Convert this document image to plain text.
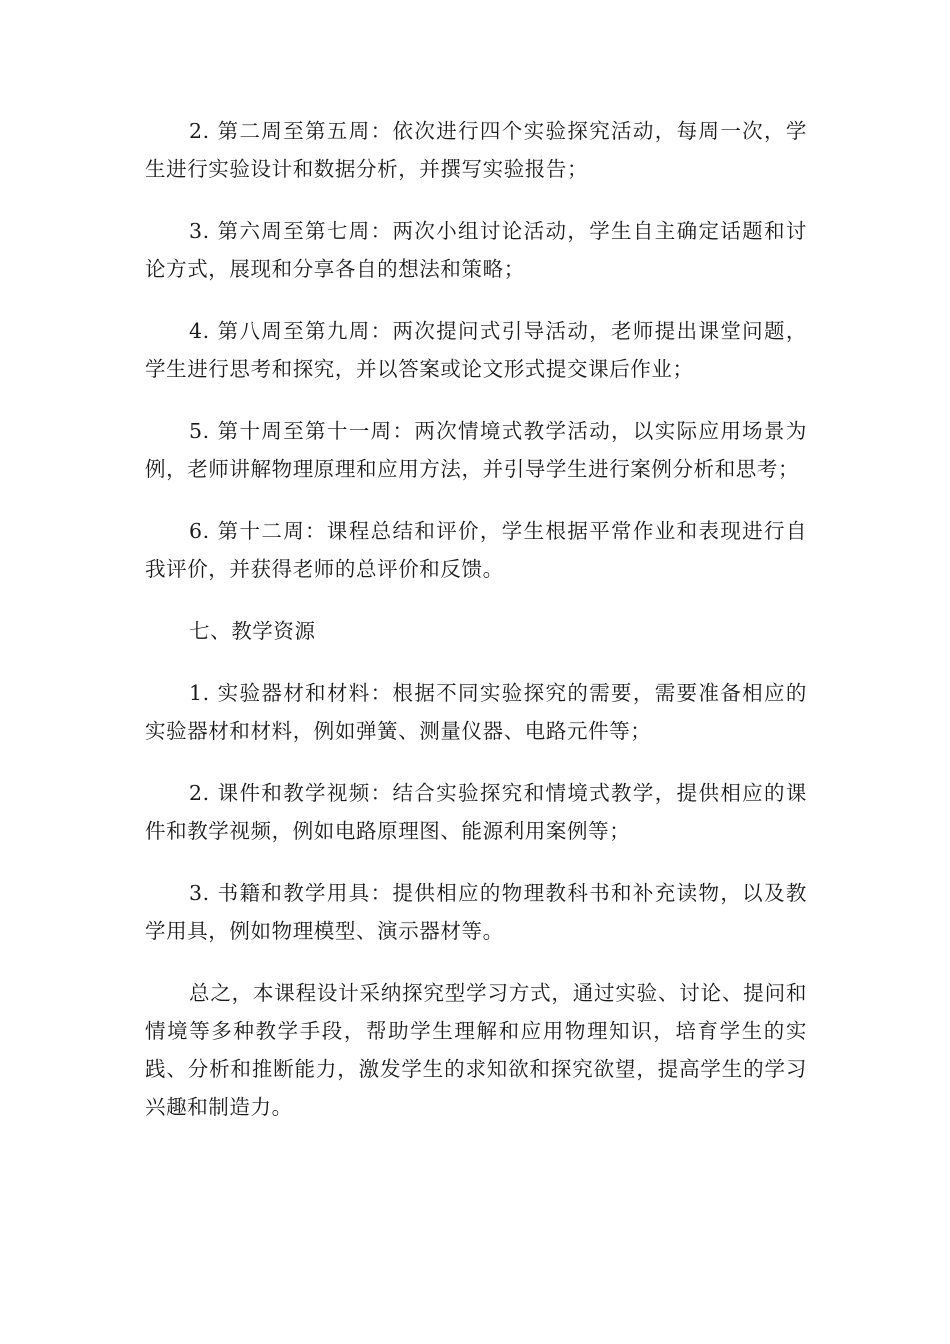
2. 第二周至第五周：依次进行四个实验探究活动，每周一次，学生进行实验设计和数据分析，并撰写实验报告；

3. 第六周至第七周：两次小组讨论活动，学生自主确定话题和讨论方式，展现和分享各自的想法和策略；

4. 第八周至第九周：两次提问式引导活动，老师提出课堂问题，学生进行思考和探究，并以答案或论文形式提交课后作业；

5. 第十周至第十一周：两次情境式教学活动，以实际应用场景为例，老师讲解物理原理和应用方法，并引导学生进行案例分析和思考；

6. 第十二周：课程总结和评价，学生根据平常作业和表现进行自我评价，并获得老师的总评价和反馈。

七、教学资源

1. 实验器材和材料：根据不同实验探究的需要，需要准备相应的实验器材和材料，例如弹簧、测量仪器、电路元件等；

2. 课件和教学视频：结合实验探究和情境式教学，提供相应的课件和教学视频，例如电路原理图、能源利用案例等；

3. 书籍和教学用具：提供相应的物理教科书和补充读物，以及教学用具，例如物理模型、演示器材等。

总之，本课程设计采纳探究型学习方式，通过实验、讨论、提问和情境等多种教学手段，帮助学生理解和应用物理知识，培育学生的实践、分析和推断能力，激发学生的求知欲和探究欲望，提高学生的学习兴趣和制造力。
